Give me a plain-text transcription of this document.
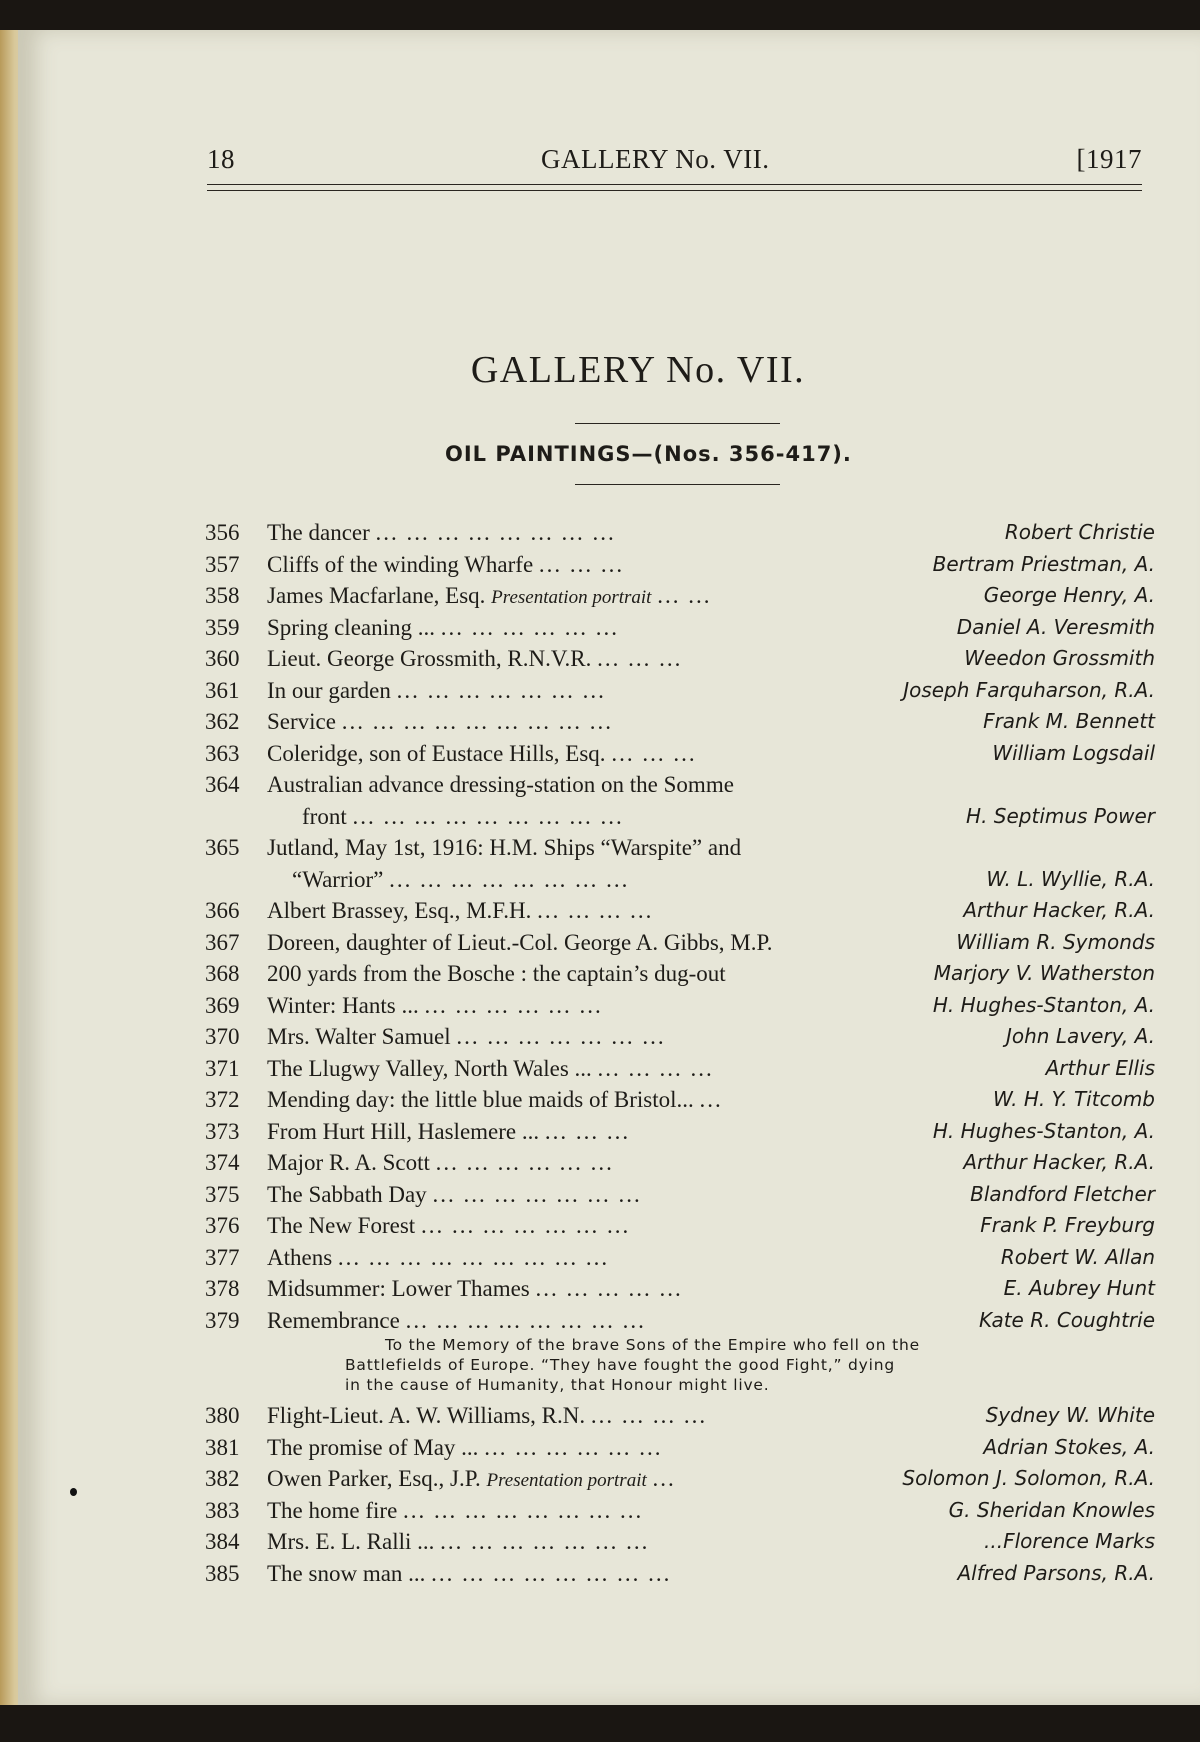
18	GALLERY No. VII.	[1917
GALLERY No. VII.
OIL PAINTINGS—(Nos. 356-417).
356	The dancer ... ... ... ... ... ... ... ...	Robert Christie
357	Cliffs of the winding Wharfe ... ... ...	Bertram Priestman, A.
358	James Macfarlane, Esq. Presentation portrait ... ...	George Henry, A.
359	Spring cleaning ... ... ... ... ... ... ...	Daniel A. Veresmith
360	Lieut. George Grossmith, R.N.V.R. ... ... ...	Weedon Grossmith
361	In our garden ... ... ... ... ... ... ...	Joseph Farquharson, R.A.
362	Service ... ... ... ... ... ... ... ... ...	Frank M. Bennett
363	Coleridge, son of Eustace Hills, Esq. ... ... ...	William Logsdail
364	Australian advance dressing-station on the Somme
front ... ... ... ... ... ... ... ... ...	H. Septimus Power
365	Jutland, May 1st, 1916: H.M. Ships “Warspite” and
“Warrior” ... ... ... ... ... ... ... ...	W. L. Wyllie, R.A.
366	Albert Brassey, Esq., M.F.H. ... ... ... ...	Arthur Hacker, R.A.
367	Doreen, daughter of Lieut.-Col. George A. Gibbs, M.P.	William R. Symonds
368	200 yards from the Bosche : the captain’s dug-out	Marjory V. Watherston
369	Winter: Hants ... ... ... ... ... ... ...	H. Hughes-Stanton, A.
370	Mrs. Walter Samuel ... ... ... ... ... ... ...	John Lavery, A.
371	The Llugwy Valley, North Wales ... ... ... ... ...	Arthur Ellis
372	Mending day: the little blue maids of Bristol... ...	W. H. Y. Titcomb
373	From Hurt Hill, Haslemere ... ... ... ...	H. Hughes-Stanton, A.
374	Major R. A. Scott ... ... ... ... ... ...	Arthur Hacker, R.A.
375	The Sabbath Day ... ... ... ... ... ... ...	Blandford Fletcher
376	The New Forest ... ... ... ... ... ... ...	Frank P. Freyburg
377	Athens ... ... ... ... ... ... ... ... ...	Robert W. Allan
378	Midsummer: Lower Thames ... ... ... ... ...	E. Aubrey Hunt
379	Remembrance ... ... ... ... ... ... ... ...	Kate R. Coughtrie
To the Memory of the brave Sons of the Empire who fell on the
Battlefields of Europe. “They have fought the good Fight,” dying
in the cause of Humanity, that Honour might live.
380	Flight-Lieut. A. W. Williams, R.N. ... ... ... ...	Sydney W. White
381	The promise of May ... ... ... ... ... ... ...	Adrian Stokes, A.
382	Owen Parker, Esq., J.P. Presentation portrait ...	Solomon J. Solomon, R.A.
383	The home fire ... ... ... ... ... ... ... ...	G. Sheridan Knowles
384	Mrs. E. L. Ralli ... ... ... ... ... ... ... ...	...Florence Marks
385	The snow man ... ... ... ... ... ... ... ... ...	Alfred Parsons, R.A.
